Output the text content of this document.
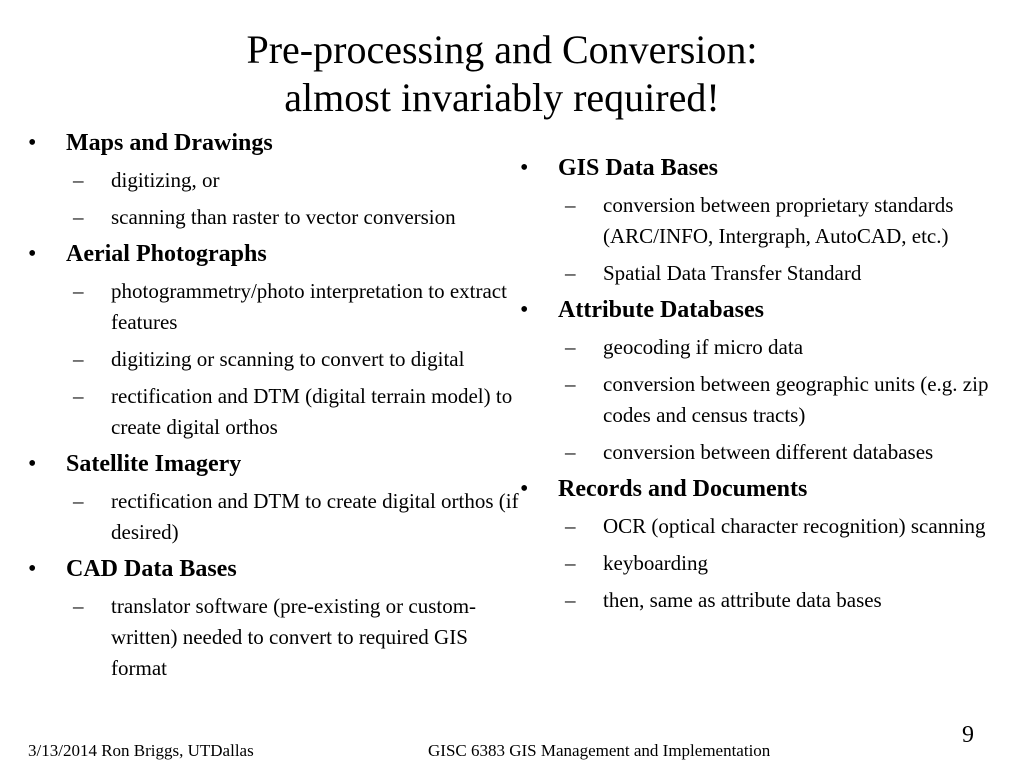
Pre-processing and Conversion:
almost invariably required!
•	Maps and Drawings
–	digitizing, or
–	scanning than raster to vector conversion
•	Aerial Photographs
–	photogrammetry/photo interpretation to extract features
–	digitizing or scanning to convert to digital
–	rectification and DTM (digital terrain model) to create digital orthos
•	Satellite Imagery
–	rectification and DTM to create digital orthos (if desired)
•	CAD Data Bases
–	translator software (pre-existing or custom-written) needed to convert to required GIS format
•	GIS Data Bases
–	conversion between proprietary standards (ARC/INFO, Intergraph, AutoCAD, etc.)
–	Spatial Data Transfer Standard
•	Attribute Databases
–	geocoding if micro data
–	conversion between geographic units (e.g. zip codes and census tracts)
–	conversion between different databases
•	Records and Documents
–	OCR (optical character recognition) scanning
–	keyboarding
–	then, same as attribute data bases
9
3/13/2014 Ron Briggs, UTDallas	GISC 6383 GIS Management and Implementation
